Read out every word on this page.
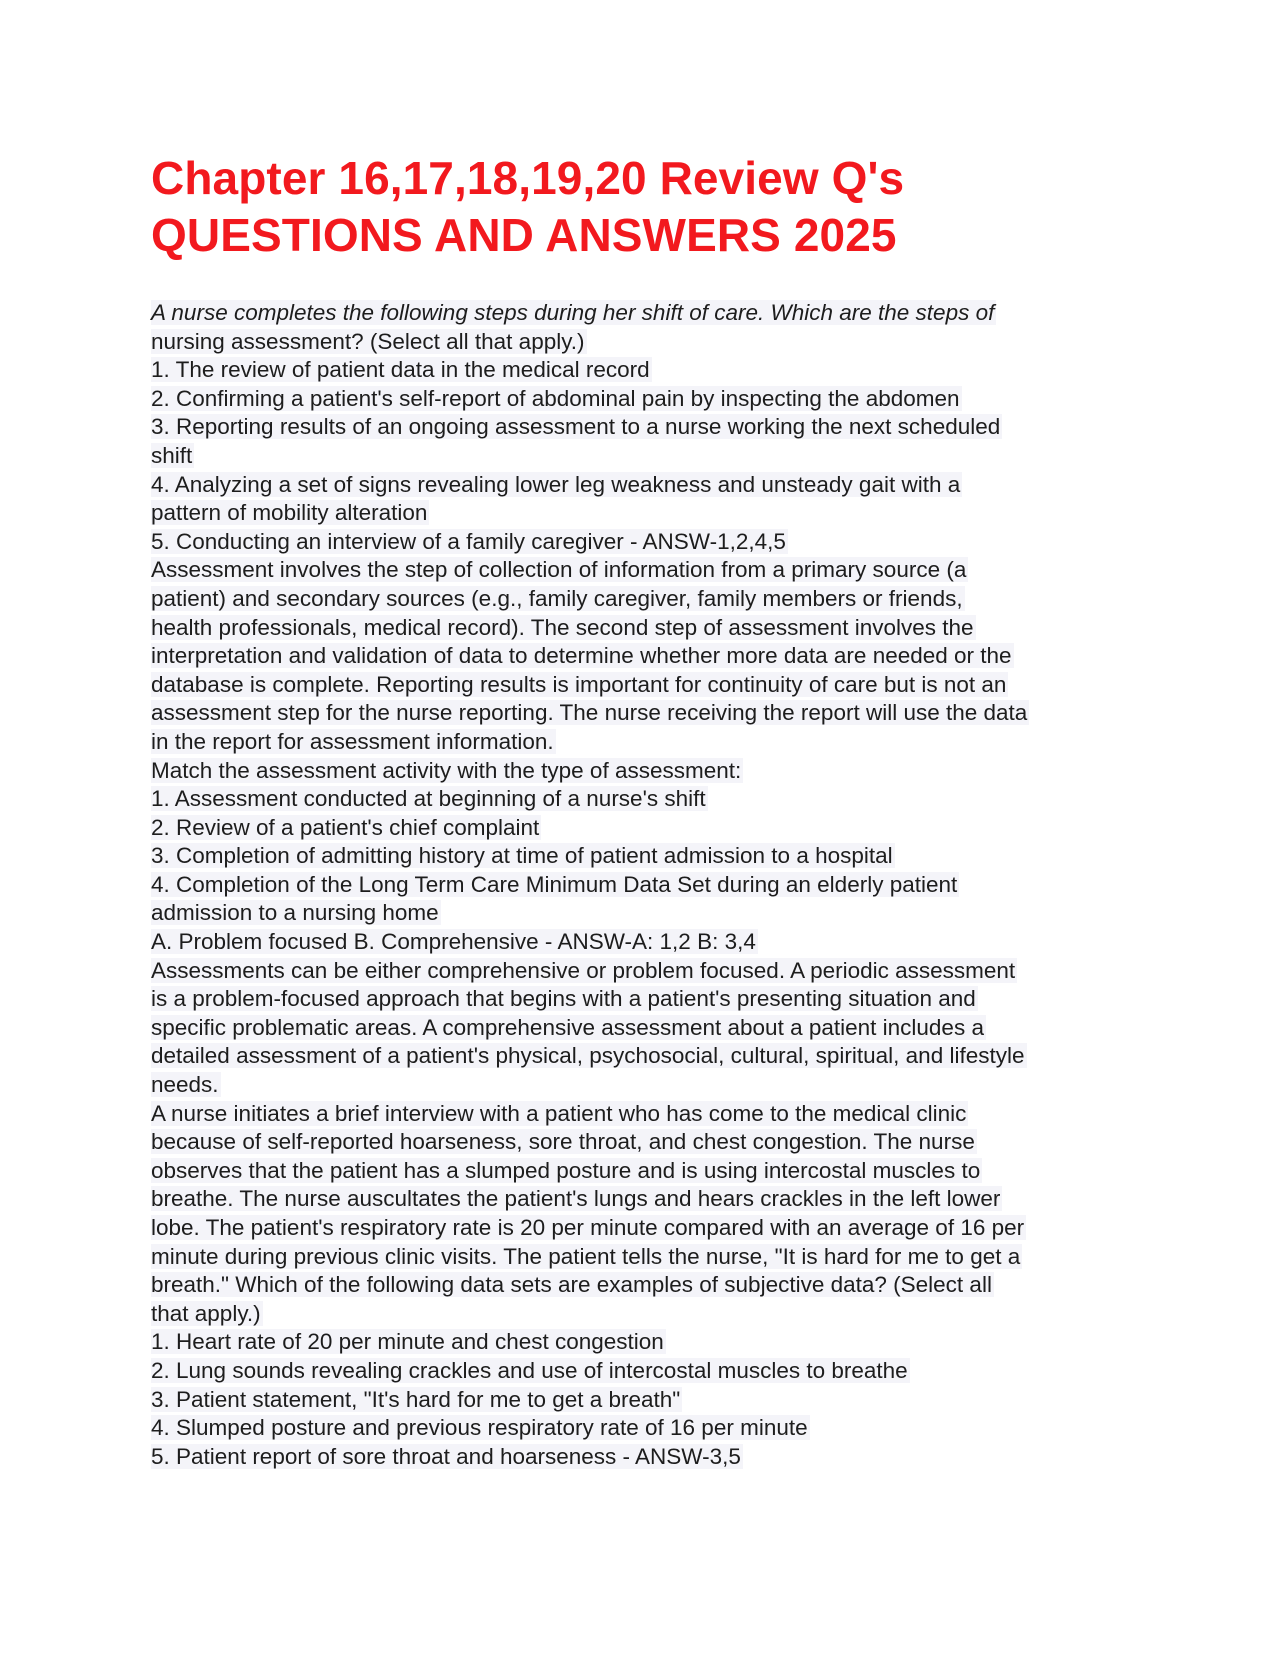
Chapter 16,17,18,19,20 Review Q's
QUESTIONS AND ANSWERS 2025
A nurse completes the following steps during her shift of care. Which are the steps of
nursing assessment? (Select all that apply.)
1. The review of patient data in the medical record
2. Confirming a patient's self-report of abdominal pain by inspecting the abdomen
3. Reporting results of an ongoing assessment to a nurse working the next scheduled
shift
4. Analyzing a set of signs revealing lower leg weakness and unsteady gait with a
pattern of mobility alteration
5. Conducting an interview of a family caregiver - ANSW-1,2,4,5
Assessment involves the step of collection of information from a primary source (a
patient) and secondary sources (e.g., family caregiver, family members or friends,
health professionals, medical record). The second step of assessment involves the
interpretation and validation of data to determine whether more data are needed or the
database is complete. Reporting results is important for continuity of care but is not an
assessment step for the nurse reporting. The nurse receiving the report will use the data
in the report for assessment information.
Match the assessment activity with the type of assessment:
1. Assessment conducted at beginning of a nurse's shift
2. Review of a patient's chief complaint
3. Completion of admitting history at time of patient admission to a hospital
4. Completion of the Long Term Care Minimum Data Set during an elderly patient
admission to a nursing home
A. Problem focused B. Comprehensive - ANSW-A: 1,2 B: 3,4
Assessments can be either comprehensive or problem focused. A periodic assessment
is a problem-focused approach that begins with a patient's presenting situation and
specific problematic areas. A comprehensive assessment about a patient includes a
detailed assessment of a patient's physical, psychosocial, cultural, spiritual, and lifestyle
needs.
A nurse initiates a brief interview with a patient who has come to the medical clinic
because of self-reported hoarseness, sore throat, and chest congestion. The nurse
observes that the patient has a slumped posture and is using intercostal muscles to
breathe. The nurse auscultates the patient's lungs and hears crackles in the left lower
lobe. The patient's respiratory rate is 20 per minute compared with an average of 16 per
minute during previous clinic visits. The patient tells the nurse, "It is hard for me to get a
breath." Which of the following data sets are examples of subjective data? (Select all
that apply.)
1. Heart rate of 20 per minute and chest congestion
2. Lung sounds revealing crackles and use of intercostal muscles to breathe
3. Patient statement, "It's hard for me to get a breath"
4. Slumped posture and previous respiratory rate of 16 per minute
5. Patient report of sore throat and hoarseness - ANSW-3,5
